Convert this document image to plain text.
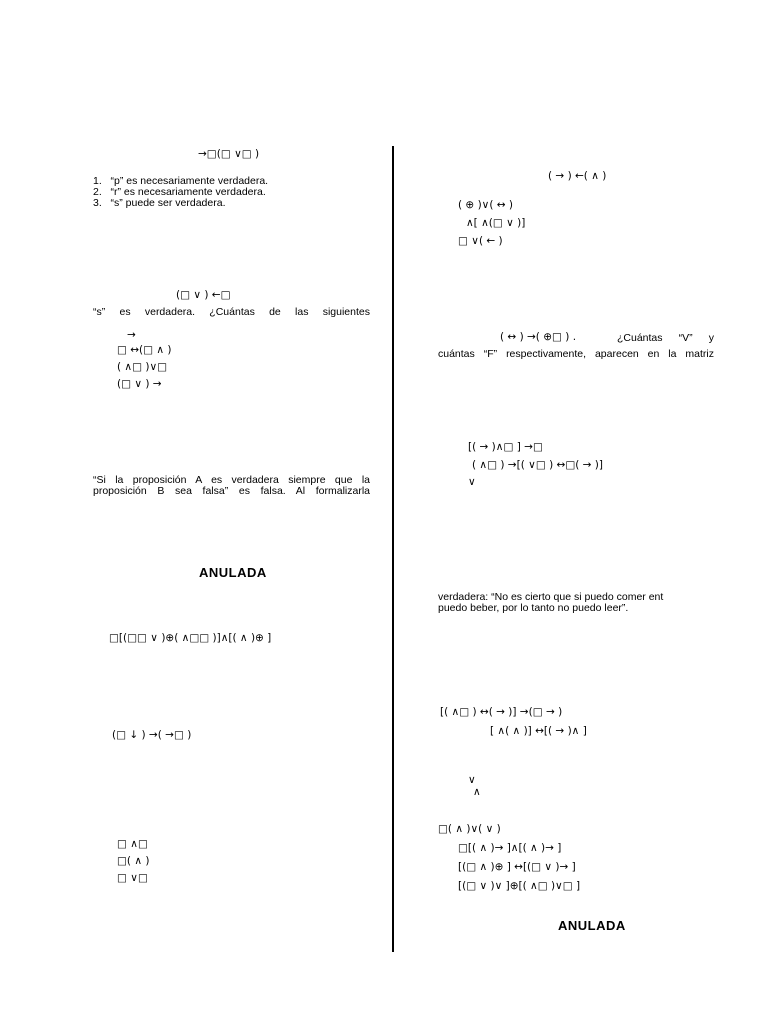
→□(□ ∨□ )
1.   “p” es necesariamente verdadera.
2.   “r” es necesariamente verdadera.
3.   “s” puede ser verdadera.
(□ ∨ ) ←□
“s” es verdadera. ¿Cuántas de las siguientes
→
□ ↔(□ ∧ )
( ∧□ )∨□
(□ ∨ ) →
“Si la proposición A es verdadera siempre que la
proposición B sea falsa” es falsa. Al formalizarla
ANULADA
□[(□□ ∨ )⊕( ∧□□ )]∧[( ∧ )⊕ ]
(□ ↓ ) →( →□ )
□ ∧□
□( ∧ )
□ ∨□
( → ) ←( ∧ )
( ⊕ )∨( ↔ )
∧[ ∧(□ ∨ )]
□ ∨( ← )
( ↔ ) →( ⊕□ ) .	¿Cuántas “V” y
cuántas “F” respectivamente, aparecen en la matriz
[( → )∧□ ] →□
( ∧□ ) →[( ∨□ ) ↔□( → )]
∨
verdadera: “No es cierto que si puedo comer ent
puedo beber, por lo tanto no puedo leer”.
[( ∧□ ) ↔( → )] →(□ → )
[ ∧( ∧ )] ↔[( → )∧ ]
∨
∧
□( ∧ )∨( ∨ )
□[( ∧ )→ ]∧[( ∧ )→ ]
[(□ ∧ )⊕ ] ↔[(□ ∨ )→ ]
[(□ ∨ )∨ ]⊕[( ∧□ )∨□ ]
ANULADA
